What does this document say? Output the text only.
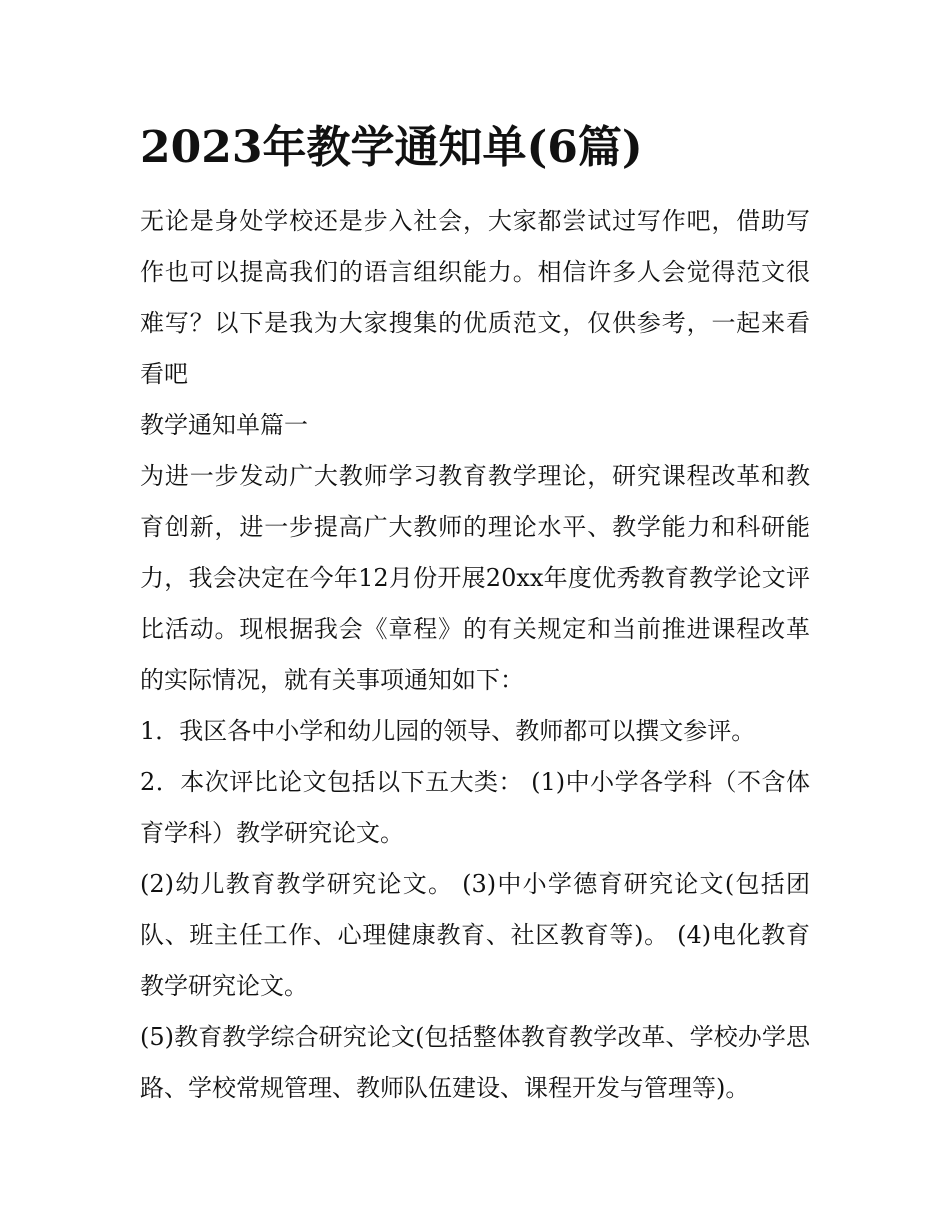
2023年教学通知单(6篇)

无论是身处学校还是步入社会，大家都尝试过写作吧，借助写作也可以提高我们的语言组织能力。相信许多人会觉得范文很难写？以下是我为大家搜集的优质范文，仅供参考，一起来看看吧

教学通知单篇一

为进一步发动广大教师学习教育教学理论，研究课程改革和教育创新，进一步提高广大教师的理论水平、教学能力和科研能力，我会决定在今年12月份开展20xx年度优秀教育教学论文评比活动。现根据我会《章程》的有关规定和当前推进课程改革的实际情况，就有关事项通知如下：

1．我区各中小学和幼儿园的领导、教师都可以撰文参评。

2．本次评比论文包括以下五大类： (1)中小学各学科（不含体育学科）教学研究论文。

(2)幼儿教育教学研究论文。 (3)中小学德育研究论文(包括团队、班主任工作、心理健康教育、社区教育等)。 (4)电化教育教学研究论文。

(5)教育教学综合研究论文(包括整体教育教学改革、学校办学思路、学校常规管理、教师队伍建设、课程开发与管理等)。
